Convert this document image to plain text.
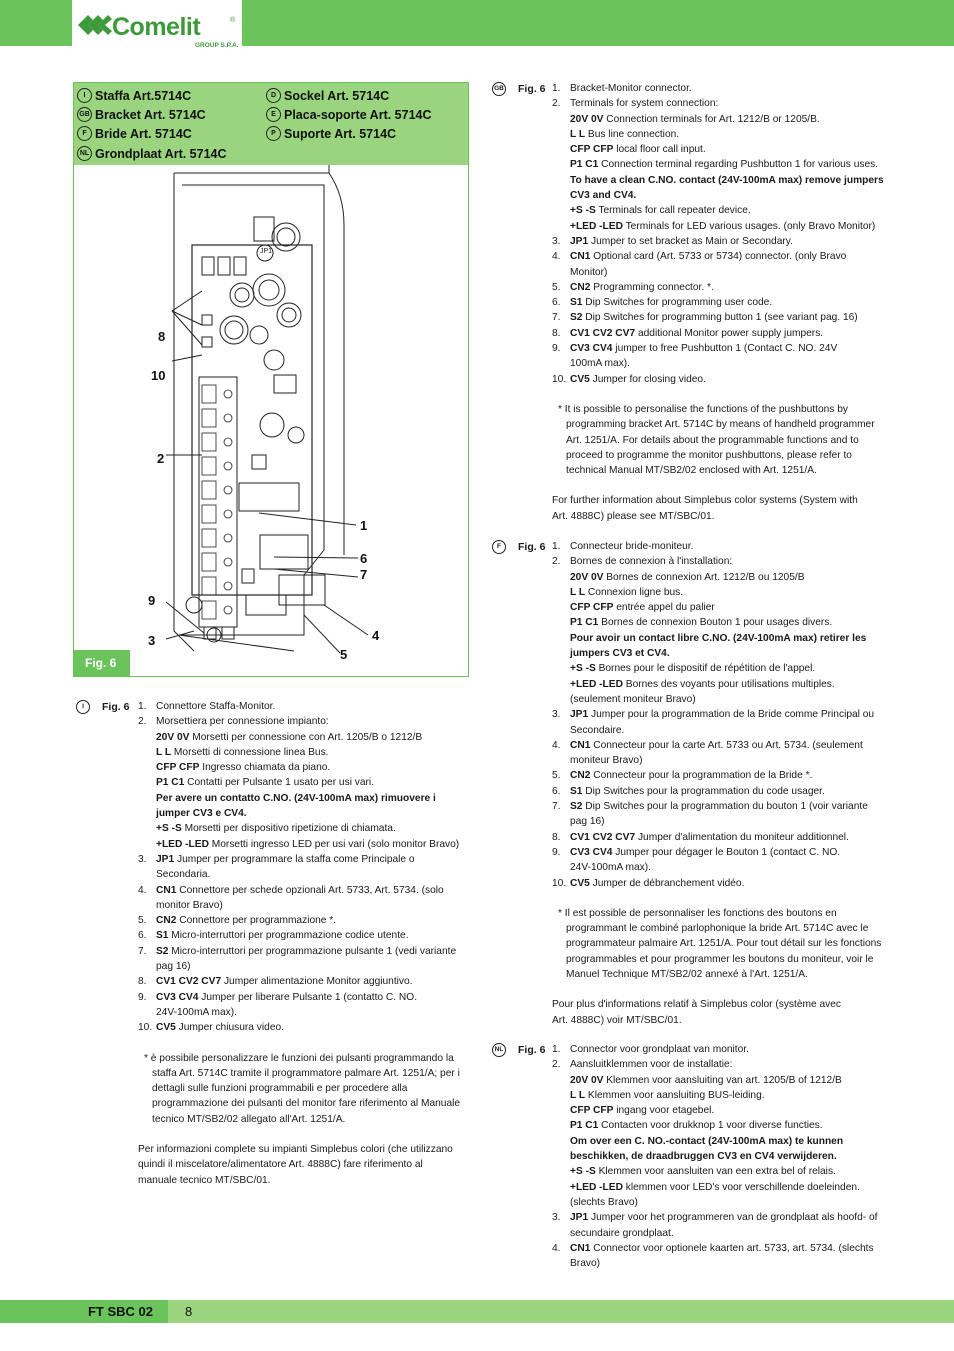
Comelit	®
GROUP S.P.A.
I Staffa Art.5714C	D Sockel Art. 5714C
GB Bracket Art. 5714C	E Placa-soporte Art. 5714C
F Bride Art. 5714C	P Suporte Art. 5714C
NL Grondplaat Art. 5714C
8
10
2
1
6
7
9
3	4
5
JP1
Fig. 6
I	Fig. 6 1. Connettore Staffa-Monitor.
2. Morsettiera per connessione impianto:
20V 0V Morsetti per connessione con Art. 1205/B o 1212/B
L L Morsetti di connessione linea Bus.
CFP CFP Ingresso chiamata da piano.
P1 C1 Contatti per Pulsante 1 usato per usi vari.
Per avere un contatto C.NO. (24V-100mA max) rimuovere i
jumper CV3 e CV4.
+S -S Morsetti per dispositivo ripetizione di chiamata.
+LED -LED Morsetti ingresso LED per usi vari (solo monitor Bravo)
3. JP1 Jumper per programmare la staffa come Principale o
Secondaria.
4. CN1 Connettore per schede opzionali Art. 5733, Art. 5734. (solo
monitor Bravo)
5. CN2 Connettore per programmazione *.
6. S1 Micro-interruttori per programmazione codice utente.
7. S2 Micro-interruttori per programmazione pulsante 1 (vedi variante
pag 16)
8. CV1 CV2 CV7 Jumper alimentazione Monitor aggiuntivo.
9. CV3 CV4 Jumper per liberare Pulsante 1 (contatto C. NO.
24V-100mA max).
10. CV5 Jumper chiusura video.
* è possibile personalizzare le funzioni dei pulsanti programmando la
staffa Art. 5714C tramite il programmatore palmare Art. 1251/A; per i
dettagli sulle funzioni programmabili e per procedere alla
programmazione dei pulsanti del monitor fare riferimento al Manuale
tecnico MT/SB2/02 allegato all'Art. 1251/A.
Per informazioni complete su impianti Simplebus colori (che utilizzano
quindi il miscelatore/alimentatore Art. 4888C) fare riferimento al
manuale tecnico MT/SBC/01.
GB Fig. 6 1. Bracket-Monitor connector.
2. Terminals for system connection:
20V 0V Connection terminals for Art. 1212/B or 1205/B.
L L Bus line connection.
CFP CFP local floor call input.
P1 C1 Connection terminal regarding Pushbutton 1 for various uses.
To have a clean C.NO. contact (24V-100mA max) remove jumpers
CV3 and CV4.
+S -S Terminals for call repeater device.
+LED -LED Terminals for LED various usages. (only Bravo Monitor)
3. JP1 Jumper to set bracket as Main or Secondary.
4. CN1 Optional card (Art. 5733 or 5734) connector. (only Bravo
Monitor)
5. CN2 Programming connector. *.
6. S1 Dip Switches for programming user code.
7. S2 Dip Switches for programming button 1 (see variant pag. 16)
8. CV1 CV2 CV7 additional Monitor power supply jumpers.
9. CV3 CV4 jumper to free Pushbutton 1 (Contact C. NO. 24V
100mA max).
10. CV5 Jumper for closing video.
* It is possible to personalise the functions of the pushbuttons by
programming bracket Art. 5714C by means of handheld programmer
Art. 1251/A. For details about the programmable functions and to
proceed to programme the monitor pushbuttons, please refer to
technical Manual MT/SB2/02 enclosed with Art. 1251/A.
For further information about Simplebus color systems (System with
Art. 4888C) please see MT/SBC/01.
F	Fig. 6 1. Connecteur bride-moniteur.
2. Bornes de connexion à l'installation:
20V 0V Bornes de connexion Art. 1212/B ou 1205/B
L L Connexion ligne bus.
CFP CFP entrée appel du palier
P1 C1 Bornes de connexion Bouton 1 pour usages divers.
Pour avoir un contact libre C.NO. (24V-100mA max) retirer les
jumpers CV3 et CV4.
+S -S Bornes pour le dispositif de répétition de l'appel.
+LED -LED Bornes des voyants pour utilisations multiples.
(seulement moniteur Bravo)
3. JP1 Jumper pour la programmation de la Bride comme Principal ou
Secondaire.
4. CN1 Connecteur pour la carte Art. 5733 ou Art. 5734. (seulement
moniteur Bravo)
5. CN2 Connecteur pour la programmation de la Bride *.
6. S1 Dip Switches pour la programmation du code usager.
7. S2 Dip Switches pour la programmation du bouton 1 (voir variante
pag 16)
8. CV1 CV2 CV7 Jumper d'alimentation du moniteur additionnel.
9. CV3 CV4 Jumper pour dégager le Bouton 1 (contact C. NO.
24V-100mA max).
10. CV5 Jumper de débranchement vidéo.
* Il est possible de personnaliser les fonctions des boutons en
programmant le combiné parlophonique la bride Art. 5714C avec le
programmateur palmaire Art. 1251/A. Pour tout détail sur les fonctions
programmables et pour programmer les boutons du moniteur, voir le
Manuel Technique MT/SB2/02 annexé à l'Art. 1251/A.
Pour plus d'informations relatif à Simplebus color (système avec
Art. 4888C) voir MT/SBC/01.
NL Fig. 6 1. Connector voor grondplaat van monitor.
2. Aansluitklemmen voor de installatie:
20V 0V Klemmen voor aansluiting van art. 1205/B of 1212/B
L L Klemmen voor aansluiting BUS-leiding.
CFP CFP ingang voor etagebel.
P1 C1 Contacten voor drukknop 1 voor diverse functies.
Om over een C. NO.-contact (24V-100mA max) te kunnen
beschikken, de draadbruggen CV3 en CV4 verwijderen.
+S -S Klemmen voor aansluiten van een extra bel of relais.
+LED -LED klemmen voor LED's voor verschillende doeleinden.
(slechts Bravo)
3. JP1 Jumper voor het programmeren van de grondplaat als hoofd- of
secundaire grondplaat.
4. CN1 Connector voor optionele kaarten art. 5733, art. 5734. (slechts
Bravo)
FT SBC 02	8
